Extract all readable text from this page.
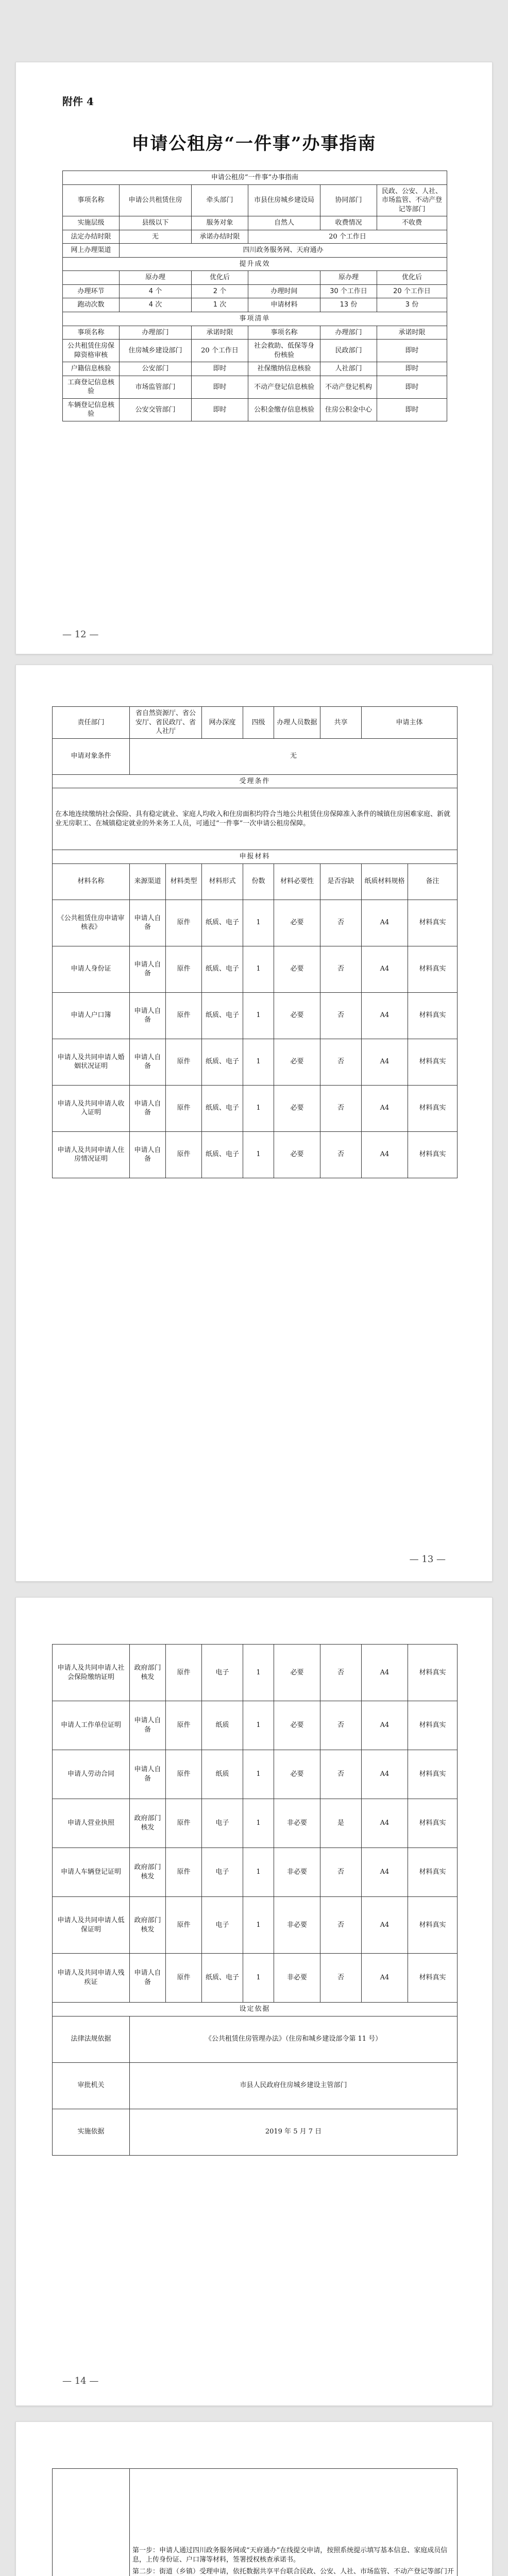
附件 4
申请公租房“一件事”办事指南
申请公租房“一件事”办事指南					
事项名称	申请公共租赁住房	牵头部门	市县住房城乡建设局	协同部门	民政、公安、人社、市场监管、不动产登记等部门
实施层级	县级以下	服务对象	自然人	收费情况	不收费
法定办结时限	无	承诺办结时限	20 个工作日		
网上办理渠道	四川政务服务网、天府通办				
提升成效					
	原办理	优化后		原办理	优化后
办理环节	4 个	2 个	办理时间	30 个工作日	20 个工作日
跑动次数	4 次	1 次	申请材料	13 份	3 份
事项清单					
事项名称	办理部门	承诺时限	事项名称	办理部门	承诺时限
公共租赁住房保障资格审核	住房城乡建设部门	20 个工作日	社会救助、低保等身份核验	民政部门	即时
户籍信息核验	公安部门	即时	社保缴纳信息核验	人社部门	即时
工商登记信息核验	市场监管部门	即时	不动产登记信息核验	不动产登记机构	即时
车辆登记信息核验	公安交管部门	即时	公积金缴存信息核验	住房公积金中心	即时
— 12 —
责任部门	省自然资源厅、省公安厅、省民政厅、省人社厅		网办深度	四级	办理人员数据	共享	申请主体	
申请对象条件	无							
受理条件								
在本地连续缴纳社会保险、具有稳定就业、家庭人均收入和住房面积均符合当地公共租赁住房保障准入条件的城镇住房困难家庭、新就业无房职工、在城镇稳定就业的外来务工人员，可通过“一件事”一次申请公租房保障。								
申报材料								
材料名称	来源渠道	材料类型	材料形式	份数	材料必要性	是否容缺	纸质材料规格	备注
《公共租赁住房申请审核表》	申请人自备	原件	纸质、电子	1	必要	否	A4	材料真实
申请人身份证	申请人自备	原件	纸质、电子	1	必要	否	A4	材料真实
申请人户口簿	申请人自备	原件	纸质、电子	1	必要	否	A4	材料真实
申请人及共同申请人婚姻状况证明	申请人自备	原件	纸质、电子	1	必要	否	A4	材料真实
申请人及共同申请人收入证明	申请人自备	原件	纸质、电子	1	必要	否	A4	材料真实
申请人及共同申请人住房情况证明	申请人自备	原件	纸质、电子	1	必要	否	A4	材料真实
— 13 —
申请人及共同申请人社会保险缴纳证明	政府部门核发	原件	电子	1	必要	否	A4	材料真实
申请人工作单位证明	申请人自备	原件	纸质	1	必要	否	A4	材料真实
申请人劳动合同	申请人自备	原件	纸质	1	必要	否	A4	材料真实
申请人营业执照	政府部门核发	原件	电子	1	非必要	是	A4	材料真实
申请人车辆登记证明	政府部门核发	原件	电子	1	非必要	否	A4	材料真实
申请人及共同申请人低保证明	政府部门核发	原件	电子	1	非必要	否	A4	材料真实
申请人及共同申请人残疾证	申请人自备	原件	纸质、电子	1	非必要	否	A4	材料真实
设定依据								
法律法规依据	《公共租赁住房管理办法》（住房和城乡建设部令第 11 号）							
审批机关	市县人民政府住房城乡建设主管部门							
实施依据	2019 年 5 月 7 日							
— 14 —

第一步：申请人通过四川政务服务网或“天府通办”在线提交申请，按照系统提示填写基本信息、家庭成员信息，上传身份证、户口簿等材料，签署授权核查承诺书。

第二步：街道（乡镇）受理申请，依托数据共享平台联合民政、公安、人社、市场监管、不动产登记等部门开
